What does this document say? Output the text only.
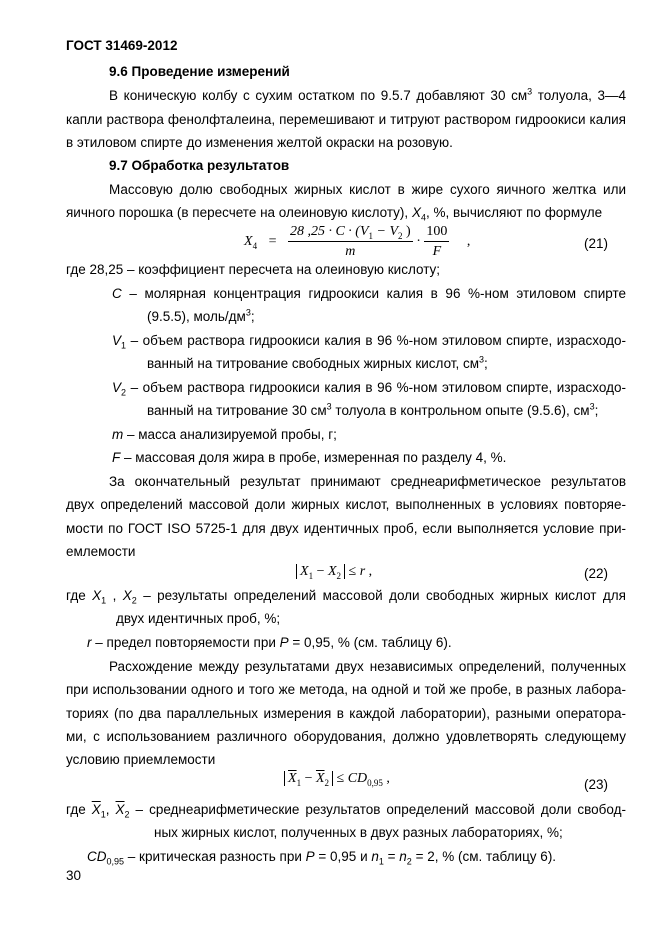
ГОСТ 31469-2012
9.6 Проведение измерений
В коническую колбу с сухим остатком по 9.5.7 добавляют 30 $см^3$ толуола, 3—4
капли раствора фенолфталеина, перемешивают и титруют раствором гидроокиси калия
в этиловом спирте до изменения желтой окраски на розовую.
9.7 Обработка результатов
Массовую долю свободных жирных кислот в жире сухого яичного желтка или
яичного порошка (в пересчете на олеиновую кислоту), $X_4$, %, вычисляют по формуле
$X_4 = \frac{28 ,25 \cdot C \cdot (V_1 - V_2 )}{m} \cdot \frac{100}{F}$ ,	(21)
где 28,25 – коэффициент пересчета на олеиновую кислоту;
C – молярная концентрация гидроокиси калия в 96 %-ном этиловом спирте
(9.5.5), моль/$дм^3$;
$V_1$ – объем раствора гидроокиси калия в 96 %-ном этиловом спирте, израсходо-
ванный на титрование свободных жирных кислот, $см^3$;
$V_2$ – объем раствора гидроокиси калия в 96 %-ном этиловом спирте, израсходо-
ванный на титрование 30 $см^3$ толуола в контрольном опыте (9.5.6), $см^3$;
m – масса анализируемой пробы, г;
F – массовая доля жира в пробе, измеренная по разделу 4, %.
За окончательный результат принимают среднеарифметическое результатов
двух определений массовой доли жирных кислот, выполненных в условиях повторяе-
мости по ГОСТ ISO 5725-1 для двух идентичных проб, если выполняется условие при-
емлемости
$X_1 - X_2 \le r$ ,	(22)
где $X_1$ , $X_2$ – результаты определений массовой доли свободных жирных кислот для
двух идентичных проб, %;
r – предел повторяемости при P = 0,95, % (см. таблицу 6).
Расхождение между результатами двух независимых определений, полученных
при использовании одного и того же метода, на одной и той же пробе, в разных лабора-
ториях (по два параллельных измерения в каждой лаборатории), разными оператора-
ми, с использованием различного оборудования, должно удовлетворять следующему
условию приемлемости
$\overline{X}_1 - \overline{X}_2 \le CD_{0,95}$ ,	(23)
где $\overline{X}_1$, $\overline{X}_2$ – среднеарифметические результатов определений массовой доли свобод-
ных жирных кислот, полученных в двух разных лабораториях, %;
$CD_{0,95}$ – критическая разность при P = 0,95 и $n_1 = n_2 = 2$, % (см. таблицу 6).
30
